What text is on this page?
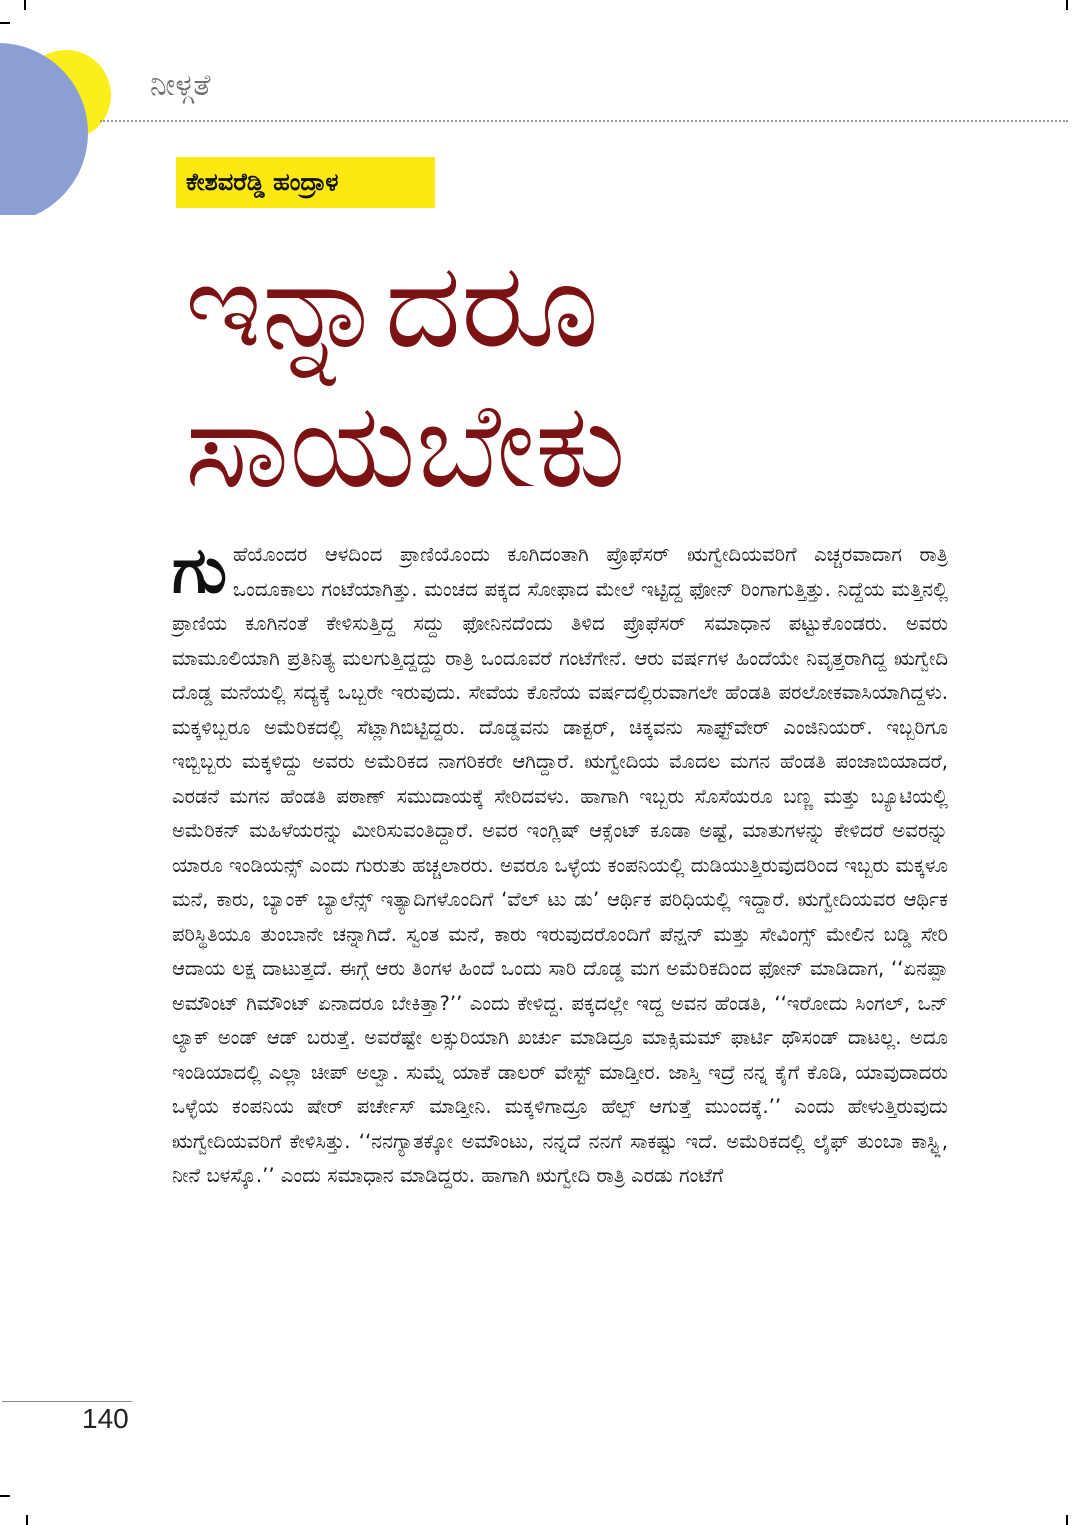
ನೀಳ್ಗತೆ
ಕೇಶವರೆಡ್ಡಿ ಹಂದ್ರಾಳ
ಇನ್ನಾದರೂ
ಸಾಯಬೇಕು
ಗುಹೆಯೊಂದರ ಆಳದಿಂದ ಪ್ರಾಣಿಯೊಂದು ಕೂಗಿದಂತಾಗಿ ಪ್ರೊಫೆಸರ್ ಋಗ್ವೇದಿಯವರಿಗೆ ಎಚ್ಚರವಾದಾಗ ರಾತ್ರಿ ಒಂದೂಕಾಲು ಗಂಟೆಯಾಗಿತ್ತು. ಮಂಚದ ಪಕ್ಕದ ಸೋಫಾದ ಮೇಲೆ ಇಟ್ಟಿದ್ದ ಫೋನ್ ರಿಂಗಾಗುತ್ತಿತ್ತು. ನಿದ್ದೆಯ ಮತ್ತಿನಲ್ಲಿ ಪ್ರಾಣಿಯ ಕೂಗಿನಂತೆ ಕೇಳಿಸುತ್ತಿದ್ದ ಸದ್ದು ಫೋನಿನದೆಂದು ತಿಳಿದ ಪ್ರೊಫೆಸರ್ ಸಮಾಧಾನ ಪಟ್ಟುಕೊಂಡರು. ಅವರು ಮಾಮೂಲಿಯಾಗಿ ಪ್ರತಿನಿತ್ಯ ಮಲಗುತ್ತಿದ್ದದ್ದು ರಾತ್ರಿ ಒಂದೂವರೆ ಗಂಟೆಗೇನೆ. ಆರು ವರ್ಷಗಳ ಹಿಂದೆಯೇ ನಿವೃತ್ತರಾಗಿದ್ದ ಋಗ್ವೇದಿ ದೊಡ್ಡ ಮನೆಯಲ್ಲಿ ಸದ್ಯಕ್ಕೆ ಒಬ್ಬರೇ ಇರುವುದು. ಸೇವೆಯ ಕೊನೆಯ ವರ್ಷದಲ್ಲಿರುವಾಗಲೇ ಹೆಂಡತಿ ಪರಲೋಕವಾಸಿಯಾಗಿದ್ದಳು. ಮಕ್ಕಳಿಬ್ಬರೂ ಅಮೆರಿಕದಲ್ಲಿ ಸೆಟ್ಲಾಗಿಬಿಟ್ಟಿದ್ದರು. ದೊಡ್ಡವನು ಡಾಕ್ಟರ್, ಚಿಕ್ಕವನು ಸಾಫ್ಟ್‌ವೇರ್ ಎಂಜಿನಿಯರ್. ಇಬ್ಬರಿಗೂ ಇಬ್ಬಿಬ್ಬರು ಮಕ್ಕಳಿದ್ದು ಅವರು ಅಮೆರಿಕದ ನಾಗರಿಕರೇ ಆಗಿದ್ದಾರೆ. ಋಗ್ವೇದಿಯ ಮೊದಲ ಮಗನ ಹೆಂಡತಿ ಪಂಜಾಬಿಯಾದರೆ, ಎರಡನೆ ಮಗನ ಹೆಂಡತಿ ಪಠಾಣ್ ಸಮುದಾಯಕ್ಕೆ ಸೇರಿದವಳು. ಹಾಗಾಗಿ ಇಬ್ಬರು ಸೊಸೆಯರೂ ಬಣ್ಣ ಮತ್ತು ಬ್ಯೂಟಿಯಲ್ಲಿ ಅಮೆರಿಕನ್ ಮಹಿಳೆಯರನ್ನು ಮೀರಿಸುವಂತಿದ್ದಾರೆ. ಅವರ ಇಂಗ್ಲಿಷ್ ಆಕ್ಸೆಂಟ್ ಕೂಡಾ ಅಷ್ಟೆ, ಮಾತುಗಳನ್ನು ಕೇಳಿದರೆ ಅವರನ್ನು ಯಾರೂ ಇಂಡಿಯನ್ಸ್ ಎಂದು ಗುರುತು ಹಚ್ಚಲಾರರು. ಅವರೂ ಒಳ್ಳೆಯ ಕಂಪನಿಯಲ್ಲಿ ದುಡಿಯುತ್ತಿರುವುದರಿಂದ ಇಬ್ಬರು ಮಕ್ಕಳೂ ಮನೆ, ಕಾರು, ಬ್ಯಾಂಕ್ ಬ್ಯಾಲೆನ್ಸ್ ಇತ್ಯಾದಿಗಳೊಂದಿಗೆ ‘ವೆಲ್ ಟು ಡು’ ಆರ್ಥಿಕ ಪರಿಧಿಯಲ್ಲಿ ಇದ್ದಾರೆ. ಋಗ್ವೇದಿಯವರ ಆರ್ಥಿಕ ಪರಿಸ್ಥಿತಿಯೂ ತುಂಬಾನೇ ಚನ್ನಾಗಿದೆ. ಸ್ವಂತ ಮನೆ, ಕಾರು ಇರುವುದರೊಂದಿಗೆ ಪೆನ್ಷನ್ ಮತ್ತು ಸೇವಿಂಗ್ಸ್ ಮೇಲಿನ ಬಡ್ಡಿ ಸೇರಿ ಆದಾಯ ಲಕ್ಷ ದಾಟುತ್ತದೆ. ಈಗ್ಗೆ ಆರು ತಿಂಗಳ ಹಿಂದೆ ಒಂದು ಸಾರಿ ದೊಡ್ಡ ಮಗ ಅಮೆರಿಕದಿಂದ ಫೋನ್ ಮಾಡಿದಾಗ, ‘‘ಏನಪ್ಪಾ ಅಮೌಂಟ್ ಗಿಮೌಂಟ್ ಏನಾದರೂ ಬೇಕಿತ್ತಾ?’’ ಎಂದು ಕೇಳಿದ್ದ. ಪಕ್ಕದಲ್ಲೇ ಇದ್ದ ಅವನ ಹೆಂಡತಿ, ‘‘ಇರೋದು ಸಿಂಗಲ್, ಒನ್ ಲ್ಯಾಕ್ ಅಂಡ್ ಆಡ್ ಬರುತ್ತೆ. ಅವರೆಷ್ಟೇ ಲಕ್ಸುರಿಯಾಗಿ ಖರ್ಚು ಮಾಡಿದ್ರೂ ಮಾಕ್ಸಿಮಮ್ ಫಾರ್ಟಿ ಥೌಸಂಡ್ ದಾಟಲ್ಲ. ಅದೂ ಇಂಡಿಯಾದಲ್ಲಿ ಎಲ್ಲಾ ಚೀಪ್ ಅಲ್ವಾ. ಸುಮ್ನೆ ಯಾಕೆ ಡಾಲರ್ ವೇಸ್ಟ್ ಮಾಡ್ತೀರ. ಜಾಸ್ತಿ ಇದ್ರೆ ನನ್ನ ಕೈಗೆ ಕೊಡಿ, ಯಾವುದಾದರು ಒಳ್ಳೆಯ ಕಂಪನಿಯ ಷೇರ್ ಪರ್ಚೇಸ್ ಮಾಡ್ತೀನಿ. ಮಕ್ಕಳಿಗಾದ್ರೂ ಹೆಲ್ಪ್ ಆಗುತ್ತೆ ಮುಂದಕ್ಕೆ.’’ ಎಂದು ಹೇಳುತ್ತಿರುವುದು ಋಗ್ವೇದಿಯವರಿಗೆ ಕೇಳಿಸಿತ್ತು. ‘‘ನನಗ್ಯಾತಕ್ಕೋ ಅಮೌಂಟು, ನನ್ನದೆ ನನಗೆ ಸಾಕಷ್ಟು ಇದೆ. ಅಮೆರಿಕದಲ್ಲಿ ಲೈಫ್ ತುಂಬಾ ಕಾಸ್ಟ್ಲಿ, ನೀನೆ ಬಳಸ್ಕೊ.’’ ಎಂದು ಸಮಾಧಾನ ಮಾಡಿದ್ದರು. ಹಾಗಾಗಿ ಋಗ್ವೇದಿ ರಾತ್ರಿ ಎರಡು ಗಂಟೆಗೆ
140
